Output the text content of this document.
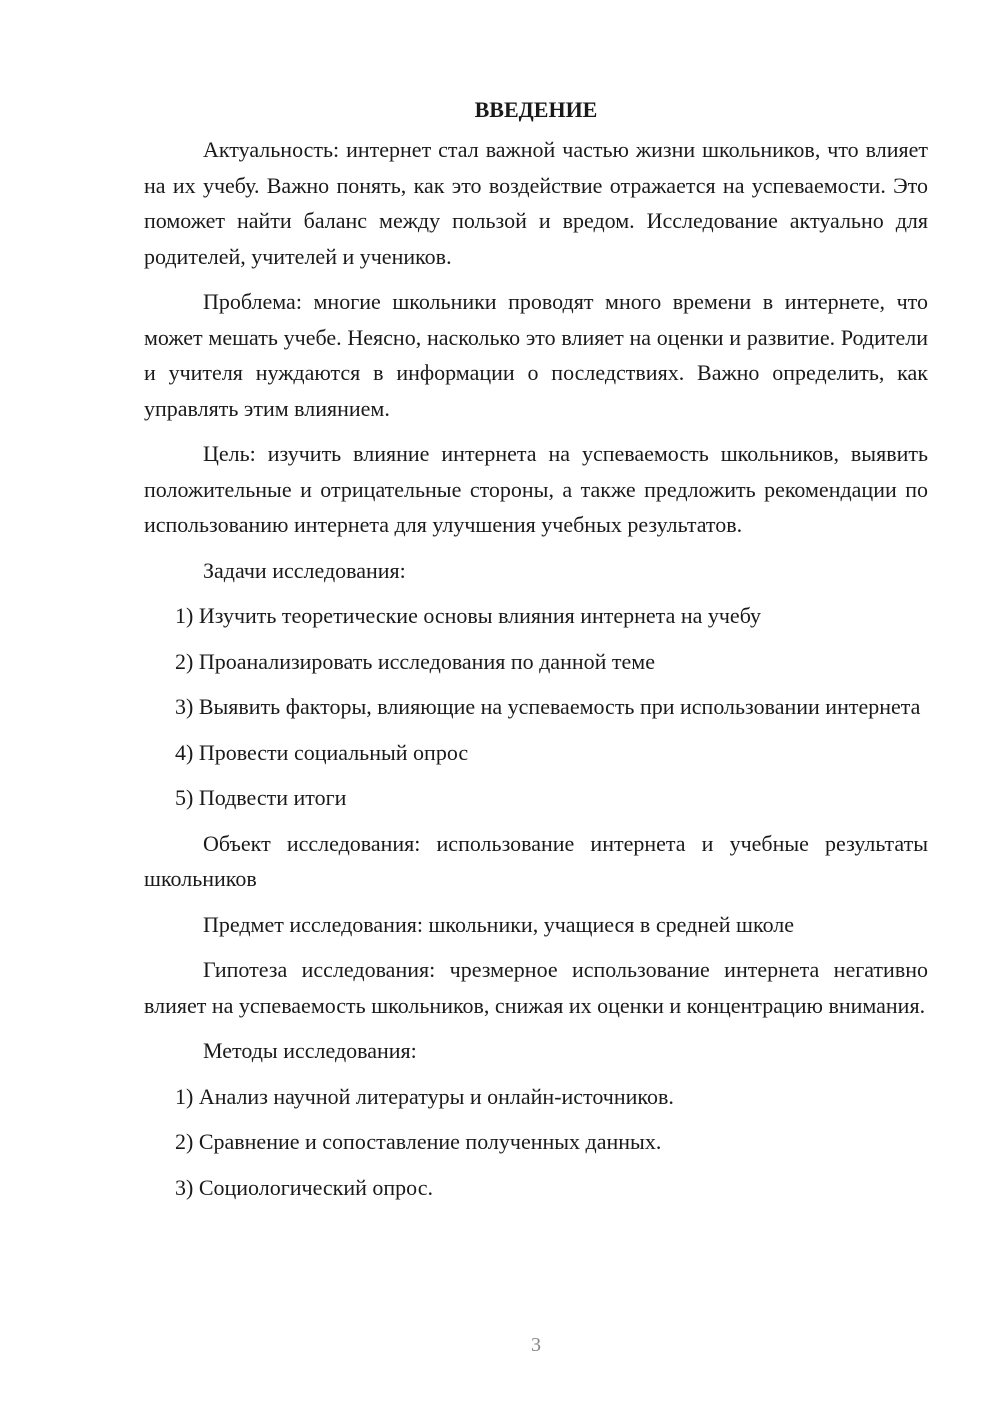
ВВЕДЕНИЕ

Актуальность: интернет стал важной частью жизни школьников, что влияет на их учебу. Важно понять, как это воздействие отражается на успеваемости. Это поможет найти баланс между пользой и вредом. Исследование актуально для родителей, учителей и учеников.

Проблема: многие школьники проводят много времени в интернете, что может мешать учебе. Неясно, насколько это влияет на оценки и развитие. Родители и учителя нуждаются в информации о последствиях. Важно определить, как управлять этим влиянием.

Цель: изучить влияние интернета на успеваемость школьников, выявить положительные и отрицательные стороны, а также предложить рекомендации по использованию интернета для улучшения учебных результатов.

Задачи исследования:

1) Изучить теоретические основы влияния интернета на учебу

2) Проанализировать исследования по данной теме

3) Выявить факторы, влияющие на успеваемость при использовании интернета

4) Провести социальный опрос

5) Подвести итоги

Объект исследования: использование интернета и учебные результаты школьников

Предмет исследования: школьники, учащиеся в средней школе

Гипотеза исследования: чрезмерное использование интернета негативно влияет на успеваемость школьников, снижая их оценки и концентрацию внимания.

Методы исследования:

1) Анализ научной литературы и онлайн-источников.

2) Сравнение и сопоставление полученных данных.

3) Социологический опрос.

3
